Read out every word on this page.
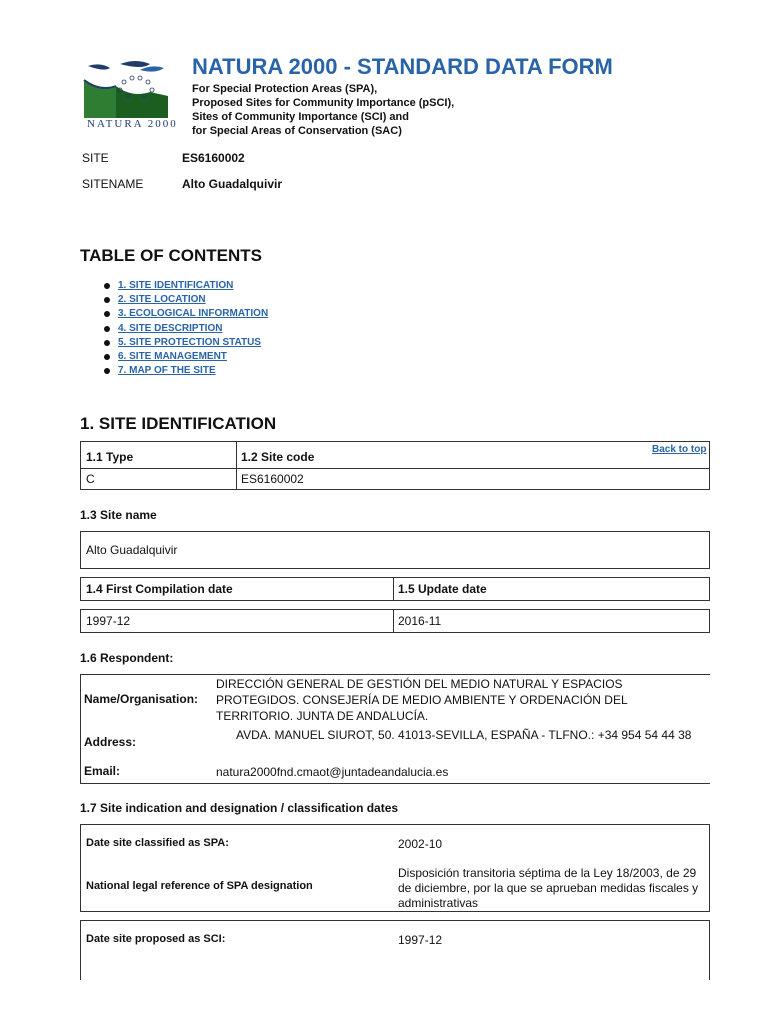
NATURA 2000
NATURA 2000 - STANDARD DATA FORM
For Special Protection Areas (SPA),
Proposed Sites for Community Importance (pSCI),
Sites of Community Importance (SCI) and
for Special Areas of Conservation (SAC)
SITE	ES6160002
SITENAME	Alto Guadalquivir
TABLE OF CONTENTS
1. SITE IDENTIFICATION
2. SITE LOCATION
3. ECOLOGICAL INFORMATION
4. SITE DESCRIPTION
5. SITE PROTECTION STATUS
6. SITE MANAGEMENT
7. MAP OF THE SITE
1. SITE IDENTIFICATION
Back to top
1.1 Type	1.2 Site code
C	ES6160002
1.3 Site name
Alto Guadalquivir
1.4 First Compilation date	1.5 Update date
1997-12	2016-11
1.6 Respondent:
Name/Organisation:
DIRECCIÓN GENERAL DE GESTIÓN DEL MEDIO NATURAL Y ESPACIOS PROTEGIDOS. CONSEJERÍA DE MEDIO AMBIENTE Y ORDENACIÓN DEL TERRITORIO. JUNTA DE ANDALUCÍA.
Address:	AVDA. MANUEL SIUROT, 50. 41013-SEVILLA, ESPAÑA - TLFNO.: +34 954 54 44 38
Email:	natura2000fnd.cmaot@juntadeandalucia.es
1.7 Site indication and designation / classification dates
Date site classified as SPA:	2002-10
National legal reference of SPA designation
Disposición transitoria séptima de la Ley 18/2003, de 29 de diciembre, por la que se aprueban medidas fiscales y administrativas
Date site proposed as SCI:	1997-12
